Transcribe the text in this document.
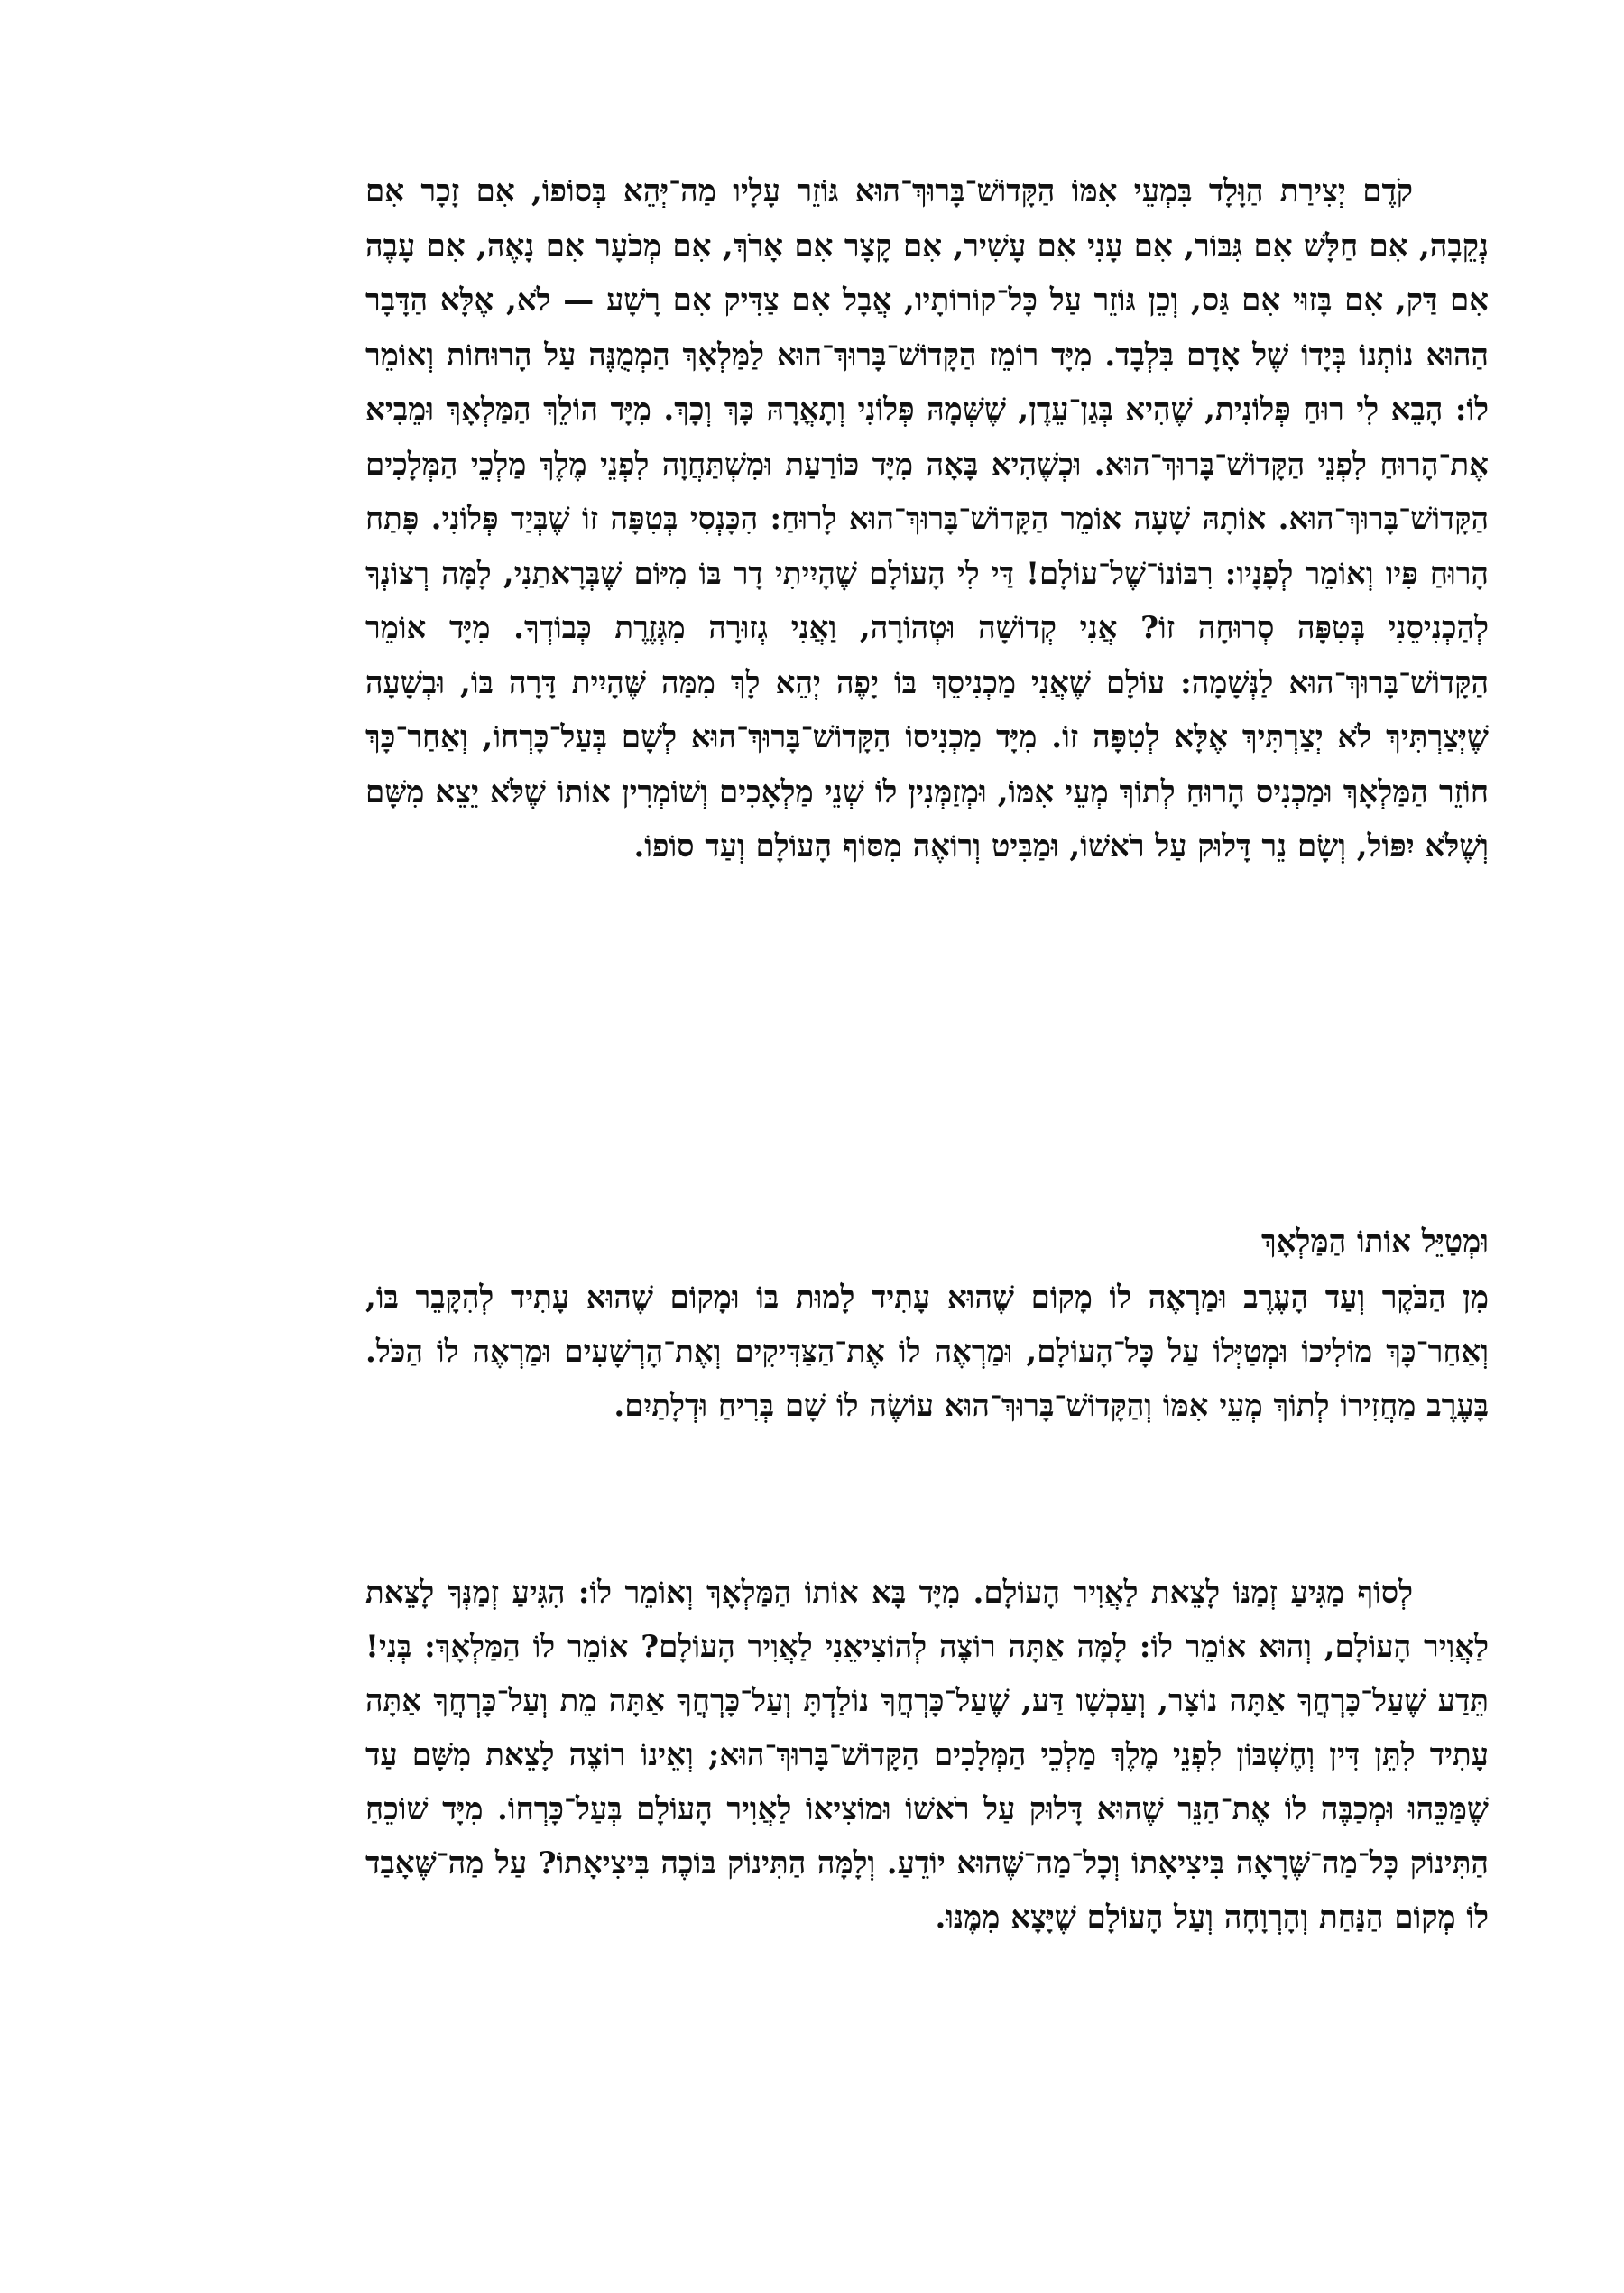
קֹדֶם יְצִירַת הַוָּלָד בִּמְעֵי אִמּוֹ הַקָּדוֹשׁ־בָּרוּךְ־הוּא גּוֹזֵר עָלָיו מַה־יְּהֵא בְּסוֹפוֹ, אִם זָכָר אִם נְקֵבָה, אִם חַלָּשׁ אִם גִּבּוֹר, אִם עָנִי אִם עָשִׁיר, אִם קָצָר אִם אָרֹךְ, אִם מְכֹעָר אִם נָאֶה, אִם עָבֶה אִם דַּק, אִם בָּזוּי אִם גַּס, וְכֵן גּוֹזֵר עַל כָּל־קוֹרוֹתָיו, אֲבָל אִם צַדִּיק אִם רָשָׁע — לֹא, אֶלָּא הַדָּבָר הַהוּא נוֹתְנוֹ בְּיָדוֹ שֶׁל אָדָם בִּלְבָד. מִיָּד רוֹמֵז הַקָּדוֹשׁ־בָּרוּךְ־הוּא לַמַּלְאָךְ הַמְמֻנֶּה עַל הָרוּחוֹת וְאוֹמֵר לוֹ: הָבֵא לִי רוּחַ פְּלוֹנִית, שֶׁהִיא בְּגַן־עֵדֶן, שֶׁשְּׁמָהּ פְּלוֹנִי וְתָאֳרָהּ כָּךְ וְכָךְ. מִיָּד הוֹלֵךְ הַמַּלְאָךְ וּמֵבִיא אֶת־הָרוּחַ לִפְנֵי הַקָּדוֹשׁ־בָּרוּךְ־הוּא. וּכְשֶׁהִיא בָּאָה מִיָּד כּוֹרַעַת וּמִשְׁתַּחֲוָה לִפְנֵי מֶלֶךְ מַלְכֵי הַמְּלָכִים הַקָּדוֹשׁ־בָּרוּךְ־הוּא. אוֹתָהּ שָׁעָה אוֹמֵר הַקָּדוֹשׁ־בָּרוּךְ־הוּא לָרוּחַ: הִכָּנְסִי בְּטִפָּה זוֹ שֶׁבְּיַד פְּלוֹנִי. פָּתַח הָרוּחַ פִּיו וְאוֹמֵר לְפָנָיו: רִבּוֹנוֹ־שֶׁל־עוֹלָם! דַּי לִי הָעוֹלָם שֶׁהָיִיתִי דָר בּוֹ מִיּוֹם שֶׁבְּרָאתַנִי, לָמָּה רְצוֹנְךָ לְהַכְנִיסֵנִי בְּטִפָּה סְרוּחָה זוֹ? אֲנִי קְדוֹשָׁה וּטְהוֹרָה, וַאֲנִי גְזוּרָה מִגְּזֶרֶת כְּבוֹדְךָ. מִיָּד אוֹמֵר הַקָּדוֹשׁ־בָּרוּךְ־הוּא לַנְּשָׁמָה: עוֹלָם שֶׁאֲנִי מַכְנִיסֵךְ בּוֹ יָפֶה יְהֵא לָךְ מִמַּה שֶּׁהָיִית דָּרָה בּוֹ, וּבְשָׁעָה שֶׁיְּצַרְתִּיךְ לֹא יְצַרְתִּיךְ אֶלָּא לְטִפָּה זוֹ. מִיָּד מַכְנִיסוֹ הַקָּדוֹשׁ־בָּרוּךְ־הוּא לְשָׁם בְּעַל־כָּרְחוֹ, וְאַחַר־כָּךְ חוֹזֵר הַמַּלְאָךְ וּמַכְנִיס הָרוּחַ לְתוֹךְ מְעֵי אִמּוֹ, וּמְזַמְּנִין לוֹ שְׁנֵי מַלְאָכִים וְשׁוֹמְרִין אוֹתוֹ שֶׁלֹּא יֵצֵא מִשָּׁם וְשֶׁלֹּא יִפּוֹל, וְשָׂם נֵר דָּלוּק עַל רֹאשׁוֹ, וּמַבִּיט וְרוֹאֶה מִסּוֹף הָעוֹלָם וְעַד סוֹפוֹ.

וּמְטַיֵּל אוֹתוֹ הַמַּלְאָךְ

מִן הַבֹּקֶר וְעַד הָעֶרֶב וּמַרְאֶה לוֹ מָקוֹם שֶׁהוּא עָתִיד לָמוּת בּוֹ וּמָקוֹם שֶׁהוּא עָתִיד לְהִקָּבֵר בּוֹ, וְאַחַר־כָּךְ מוֹלִיכוֹ וּמְטַיְּלוֹ עַל כָּל־הָעוֹלָם, וּמַרְאֶה לוֹ אֶת־הַצַּדִּיקִים וְאֶת־הָרְשָׁעִים וּמַרְאֶה לוֹ הַכֹּל. בָּעֶרֶב מַחֲזִירוֹ לְתוֹךְ מְעֵי אִמּוֹ וְהַקָּדוֹשׁ־בָּרוּךְ־הוּא עוֹשֶׂה לוֹ שָׁם בְּרִיחַ וּדְלָתַיִם.

לְסוֹף מַגִּיעַ זְמַנּוֹ לָצֵאת לַאֲוִיר הָעוֹלָם. מִיָּד בָּא אוֹתוֹ הַמַּלְאָךְ וְאוֹמֵר לוֹ: הִגִּיעַ זְמַנְּךָ לָצֵאת לַאֲוִיר הָעוֹלָם, וְהוּא אוֹמֵר לוֹ: לָמָּה אַתָּה רוֹצֶה לְהוֹצִיאֵנִי לַאֲוִיר הָעוֹלָם? אוֹמֵר לוֹ הַמַּלְאָךְ: בְּנִי! תֵּדַע שֶׁעַל־כָּרְחֲךָ אַתָּה נוֹצָר, וְעַכְשָׁו דַּע, שֶׁעַל־כָּרְחֲךָ נוֹלַדְתָּ וְעַל־כָּרְחֲךָ אַתָּה מֵת וְעַל־כָּרְחֲךָ אַתָּה עָתִיד לִתֵּן דִּין וְחֶשְׁבּוֹן לִפְנֵי מֶלֶךְ מַלְכֵי הַמְּלָכִים הַקָּדוֹשׁ־בָּרוּךְ־הוּא; וְאֵינוֹ רוֹצֶה לָצֵאת מִשָּׁם עַד שֶׁמַּכֵּהוּ וּמְכַבֶּה לוֹ אֶת־הַנֵּר שֶׁהוּא דָּלוּק עַל רֹאשׁוֹ וּמוֹצִיאוֹ לַאֲוִיר הָעוֹלָם בְּעַל־כָּרְחוֹ. מִיָּד שׁוֹכֵחַ הַתִּינוֹק כָּל־מַה־שֶּׁרָאָה בִּיצִיאָתוֹ וְכָל־מַה־שֶּׁהוּא יוֹדֵעַ. וְלָמָּה הַתִּינוֹק בּוֹכֶה בִּיצִיאָתוֹ? עַל מַה־שֶּׁאָבַד לוֹ מְקוֹם הַנַּחַת וְהָרְוָחָה וְעַל הָעוֹלָם שֶׁיָּצָא מִמֶּנּוּ.
